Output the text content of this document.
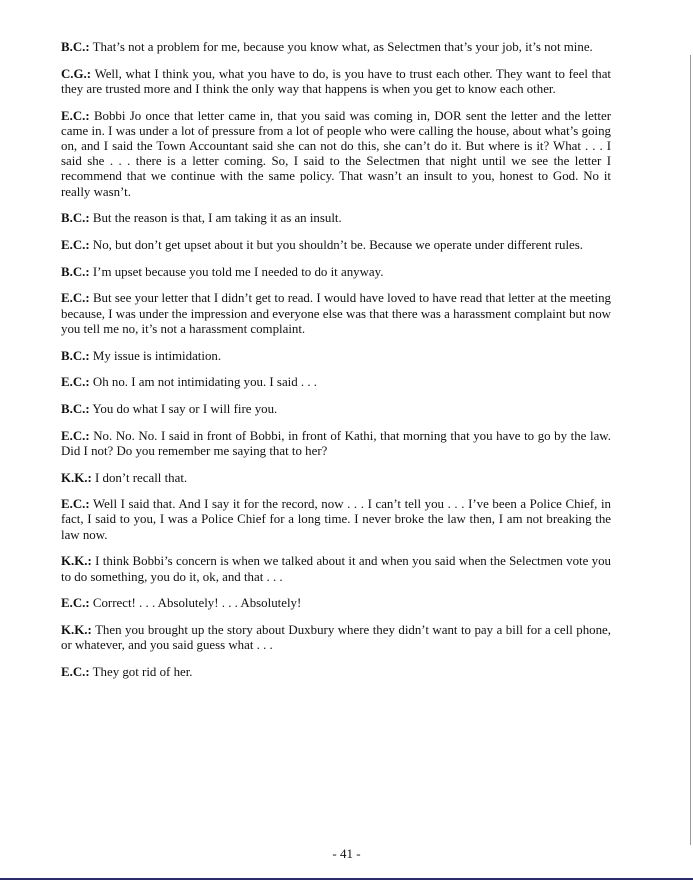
B.C.: That’s not a problem for me, because you know what, as Selectmen that’s your job, it’s not mine.

C.G.: Well, what I think you, what you have to do, is you have to trust each other. They want to feel that they are trusted more and I think the only way that happens is when you get to know each other.

E.C.: Bobbi Jo once that letter came in, that you said was coming in, DOR sent the letter and the letter came in. I was under a lot of pressure from a lot of people who were calling the house, about what’s going on, and I said the Town Accountant said she can not do this, she can’t do it. But where is it? What . . . I said she . . . there is a letter coming. So, I said to the Selectmen that night until we see the letter I recommend that we continue with the same policy. That wasn’t an insult to you, honest to God. No it really wasn’t.

B.C.: But the reason is that, I am taking it as an insult.

E.C.: No, but don’t get upset about it but you shouldn’t be. Because we operate under different rules.

B.C.: I’m upset because you told me I needed to do it anyway.

E.C.: But see your letter that I didn’t get to read. I would have loved to have read that letter at the meeting because, I was under the impression and everyone else was that there was a harassment complaint but now you tell me no, it’s not a harassment complaint.

B.C.: My issue is intimidation.

E.C.: Oh no. I am not intimidating you. I said . . .

B.C.: You do what I say or I will fire you.

E.C.: No. No. No. I said in front of Bobbi, in front of Kathi, that morning that you have to go by the law. Did I not? Do you remember me saying that to her?

K.K.: I don’t recall that.

E.C.: Well I said that. And I say it for the record, now . . . I can’t tell you . . . I’ve been a Police Chief, in fact, I said to you, I was a Police Chief for a long time. I never broke the law then, I am not breaking the law now.

K.K.: I think Bobbi’s concern is when we talked about it and when you said when the Selectmen vote you to do something, you do it, ok, and that . . .

E.C.: Correct! . . . Absolutely! . . . Absolutely!

K.K.: Then you brought up the story about Duxbury where they didn’t want to pay a bill for a cell phone, or whatever, and you said guess what . . .

E.C.: They got rid of her.

- 41 -
